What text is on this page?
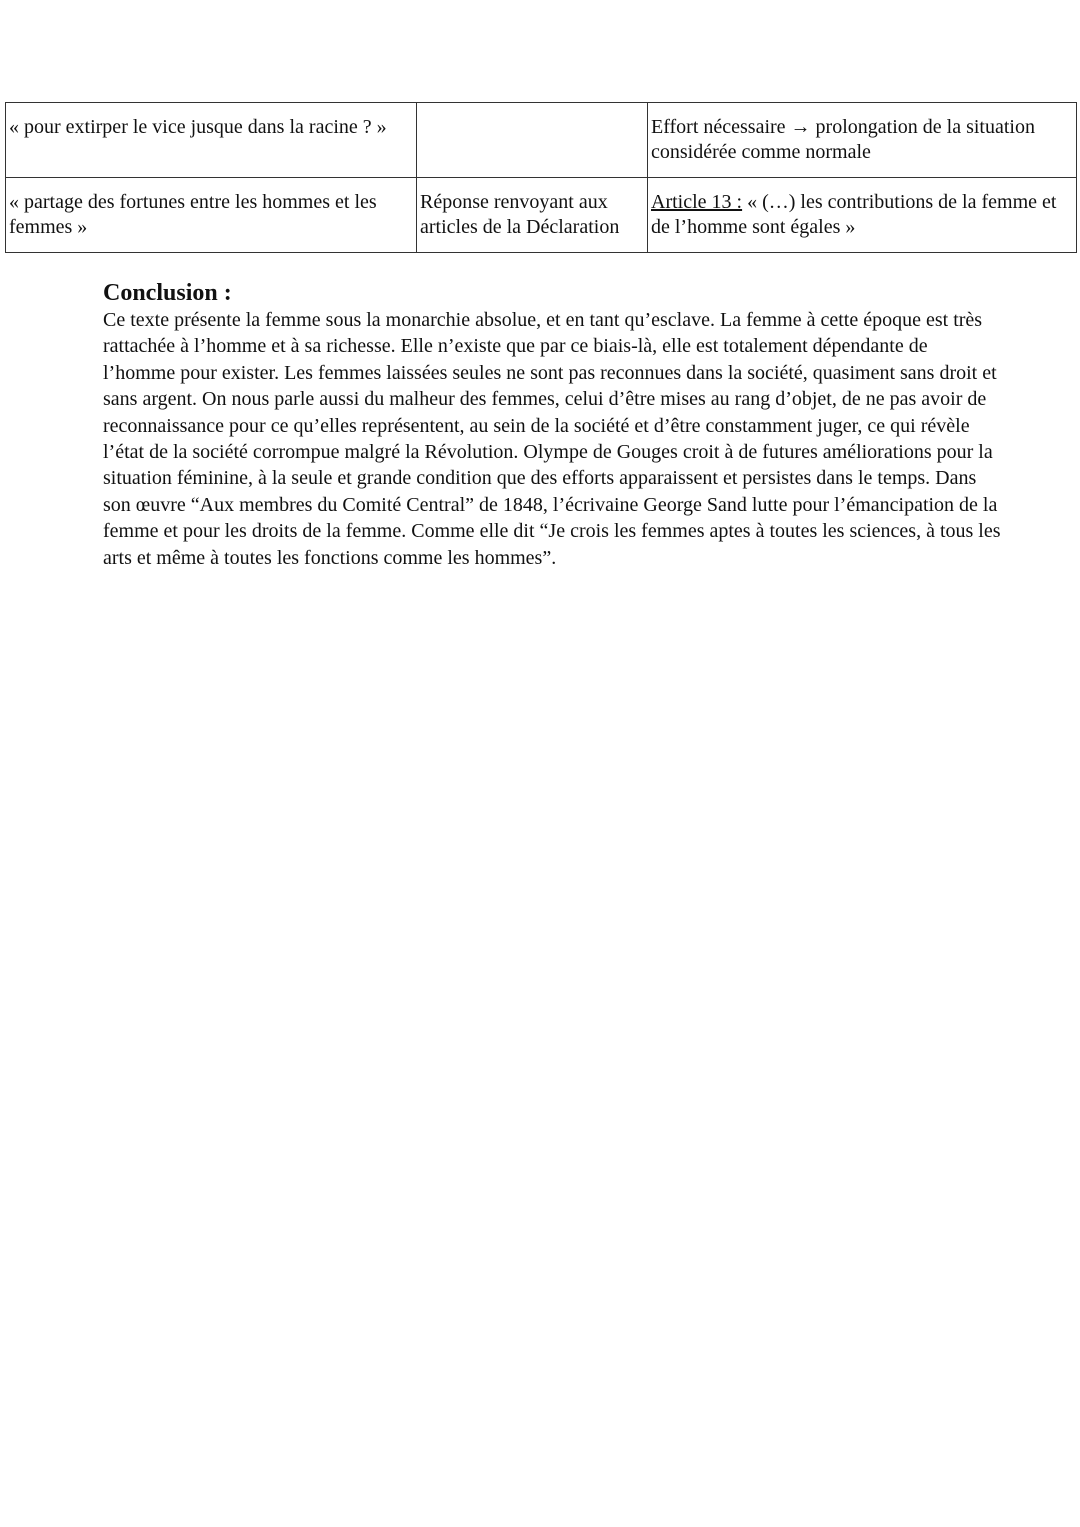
« pour extirper le vice jusque dans la racine ? »		Effort nécessaire → prolongation de la situation considérée comme normale
« partage des fortunes entre les hommes et les femmes »	Réponse renvoyant aux articles de la Déclaration	Article 13 : « (…) les contributions de la femme et de l’homme sont égales »
Conclusion :

Ce texte présente la femme sous la monarchie absolue, et en tant qu’esclave. La femme à cette époque est très rattachée à l’homme et à sa richesse. Elle n’existe que par ce biais-là, elle est totalement dépendante de l’homme pour exister. Les femmes laissées seules ne sont pas reconnues dans la société, quasiment sans droit et sans argent. On nous parle aussi du malheur des femmes, celui d’être mises au rang d’objet, de ne pas avoir de reconnaissance pour ce qu’elles représentent, au sein de la société et d’être constamment juger, ce qui révèle l’état de la société corrompue malgré la Révolution. Olympe de Gouges croit à de futures améliorations pour la situation féminine, à la seule et grande condition que des efforts apparaissent et persistes dans le temps. Dans son œuvre “Aux membres du Comité Central” de 1848, l’écrivaine George Sand lutte pour l’émancipation de la femme et pour les droits de la femme. Comme elle dit “Je crois les femmes aptes à toutes les sciences, à tous les arts et même à toutes les fonctions comme les hommes”.
